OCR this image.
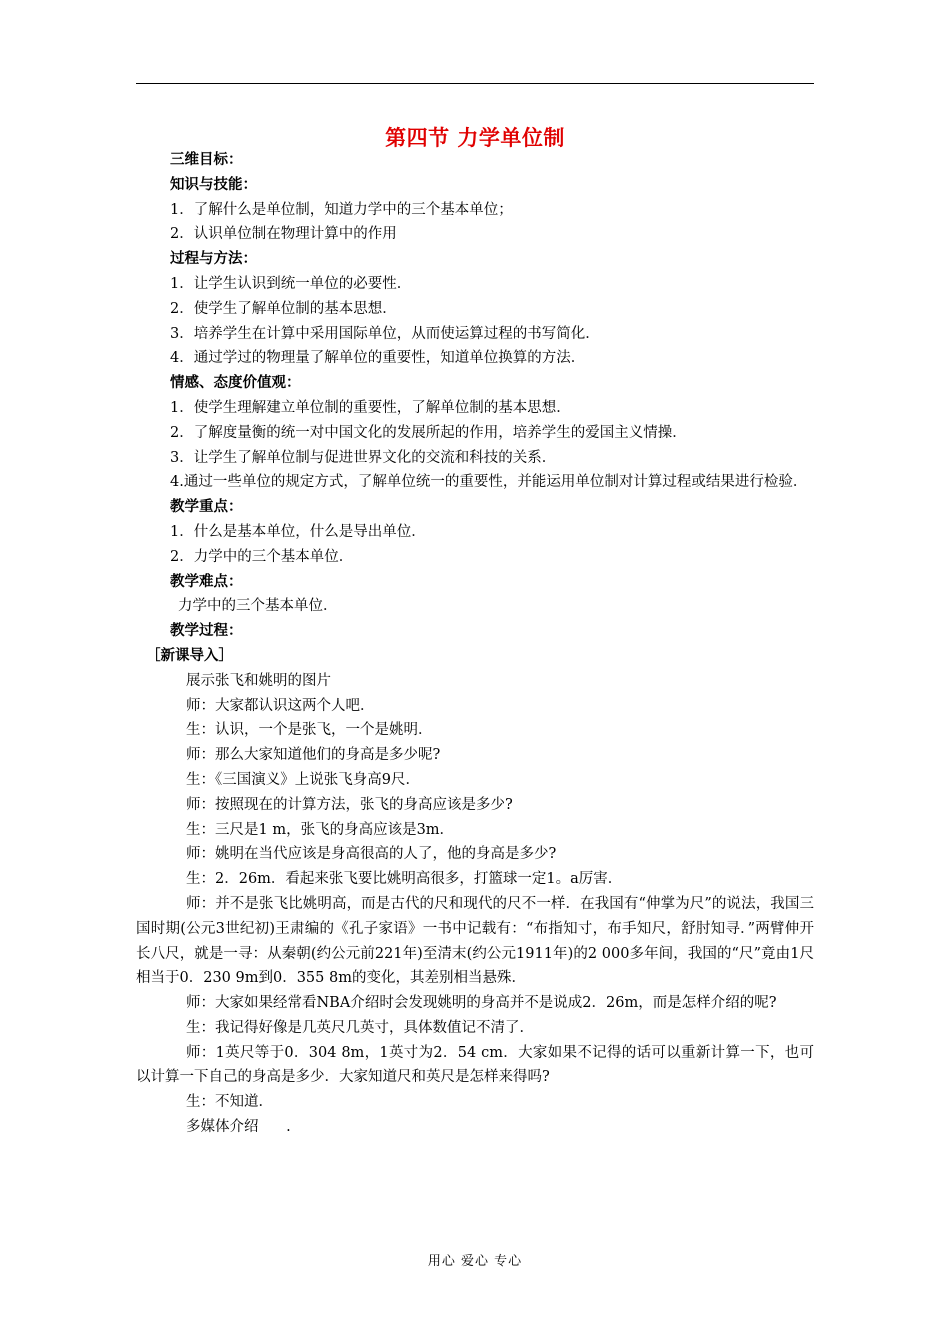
第四节 力学单位制

三维目标：

知识与技能：

1．了解什么是单位制，知道力学中的三个基本单位；

2．认识单位制在物理计算中的作用

过程与方法：

1．让学生认识到统一单位的必要性．

2．使学生了解单位制的基本思想．

3．培养学生在计算中采用国际单位，从而使运算过程的书写简化．

4．通过学过的物理量了解单位的重要性，知道单位换算的方法．

情感、态度价值观：

1．使学生理解建立单位制的重要性，了解单位制的基本思想．

2．了解度量衡的统一对中国文化的发展所起的作用，培养学生的爱国主义情操．

3．让学生了解单位制与促进世界文化的交流和科技的关系．

4.通过一些单位的规定方式，了解单位统一的重要性，并能运用单位制对计算过程或结果进行检验．

教学重点：

1．什么是基本单位，什么是导出单位．

2．力学中的三个基本单位．

教学难点：

力学中的三个基本单位．

教学过程：

［新课导入］

展示张飞和姚明的图片

师：大家都认识这两个人吧．

生：认识，一个是张飞，一个是姚明．

师：那么大家知道他们的身高是多少呢?

生：《三国演义》上说张飞身高9尺．

师：按照现在的计算方法，张飞的身高应该是多少?

生：三尺是1 m，张飞的身高应该是3m．

师：姚明在当代应该是身高很高的人了，他的身高是多少?

生：2．26m．看起来张飞要比姚明高很多，打篮球一定1。a厉害．

师：并不是张飞比姚明高，而是古代的尺和现代的尺不一样．在我国有“伸掌为尺”的说法，我国三国时期(公元3世纪初)王肃编的《孔子家语》一书中记载有：“布指知寸，布手知尺，舒肘知寻．”两臂伸开长八尺，就是一寻：从秦朝(约公元前221年)至清末(约公元1911年)的2 000多年间，我国的“尺”竟由1尺相当于0．230 9m到0．355 8m的变化，其差别相当悬殊．

师：大家如果经常看NBA介绍时会发现姚明的身高并不是说成2．26m，而是怎样介绍的呢?

生：我记得好像是几英尺几英寸，具体数值记不清了．

师：1英尺等于0．304 8m，1英寸为2．54 cm．大家如果不记得的话可以重新计算一下，也可以计算一下自己的身高是多少．大家知道尺和英尺是怎样来得吗?

生：不知道．

多媒体介绍      .

用心 爱心 专心
